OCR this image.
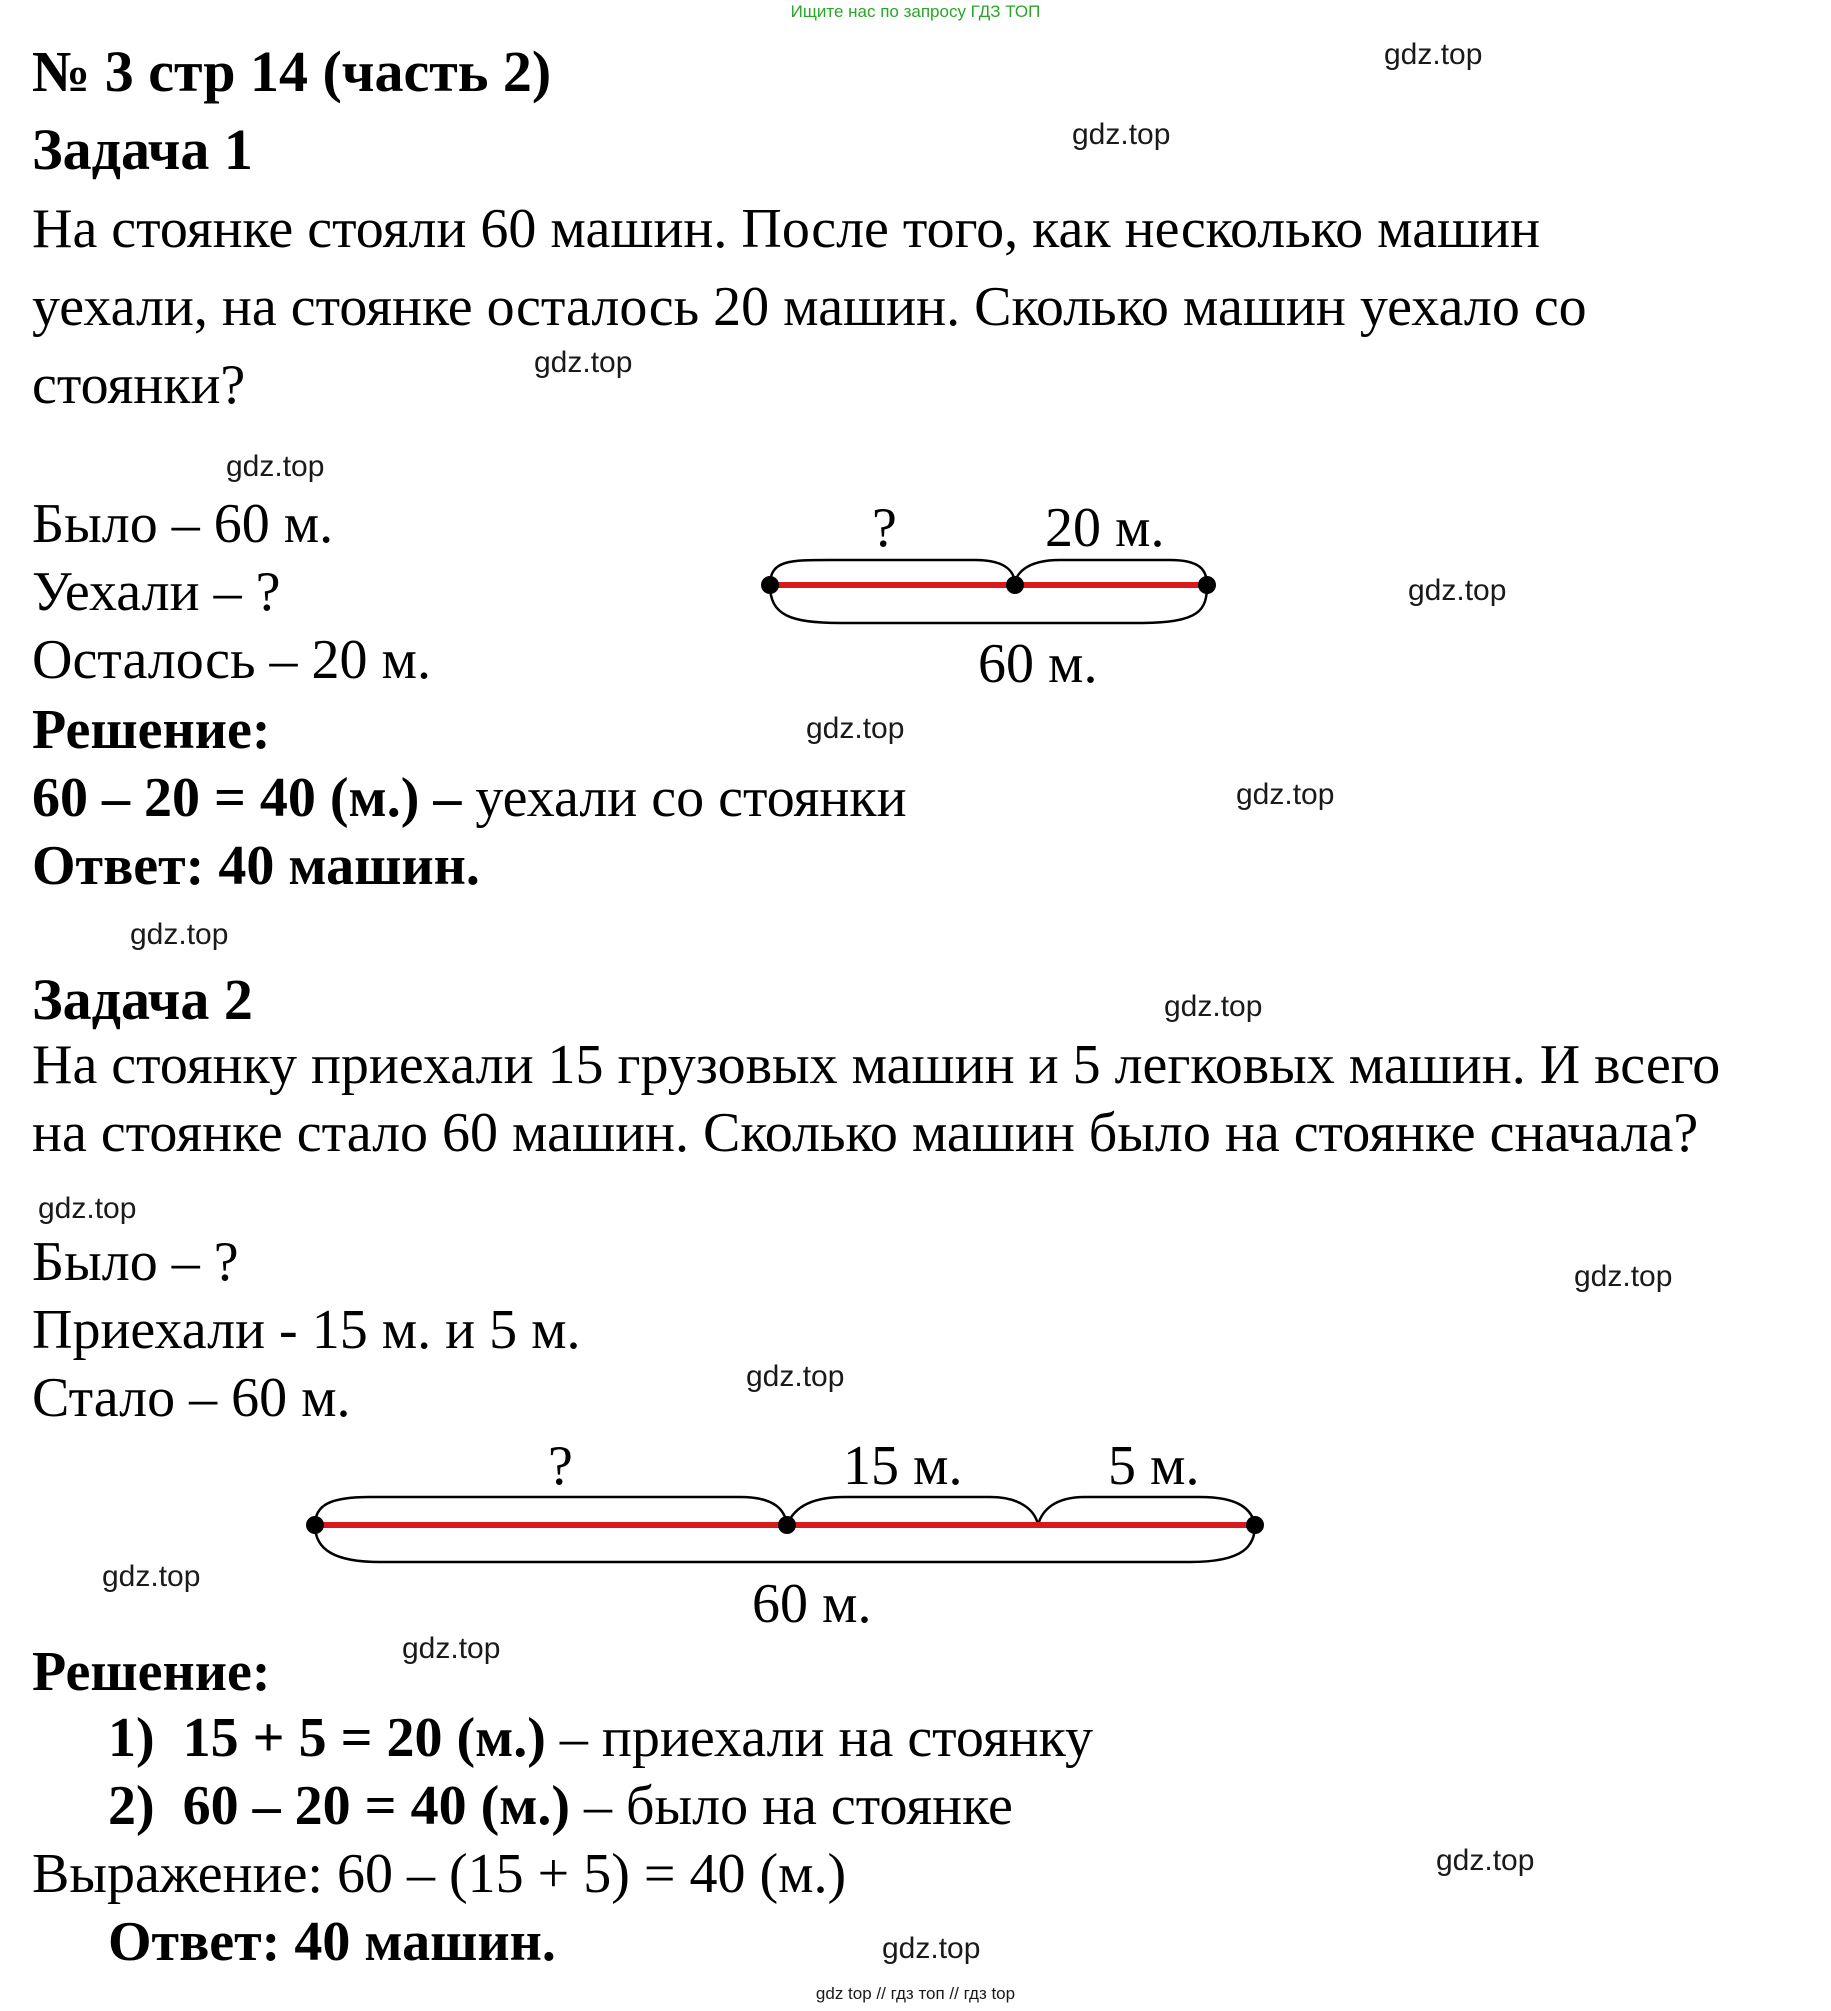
Ищите нас по запросу ГДЗ ТОП
№ 3 стр 14 (часть 2)
Задача 1
На стоянке стояли 60 машин. После того, как несколько машин
уехали, на стоянке осталось 20 машин. Сколько машин уехало со
стоянки?
Было – 60 м.
Уехали – ?
Осталось – 20 м.
?	20 м.
60 м.
Решение:
60 – 20 = 40 (м.) – уехали со стоянки
Ответ: 40 машин.
Задача 2
На стоянку приехали 15 грузовых машин и 5 легковых машин. И всего
на стоянке стало 60 машин. Сколько машин было на стоянке сначала?
Было – ?
Приехали - 15 м. и 5 м.
Стало – 60 м.
?	15 м.	5 м.
60 м.
Решение:
1) 15 + 5 = 20 (м.) – приехали на стоянку
2) 60 – 20 = 40 (м.) – было на стоянке
Выражение: 60 – (15 + 5) = 40 (м.)
Ответ: 40 машин.
gdz.top
gdz.top
gdz.top
gdz.top
gdz.top
gdz.top
gdz.top
gdz.top
gdz.top
gdz.top
gdz.top
gdz.top
gdz.top
gdz.top
gdz.top
gdz.top
gdz top // гдз топ // гдз top
